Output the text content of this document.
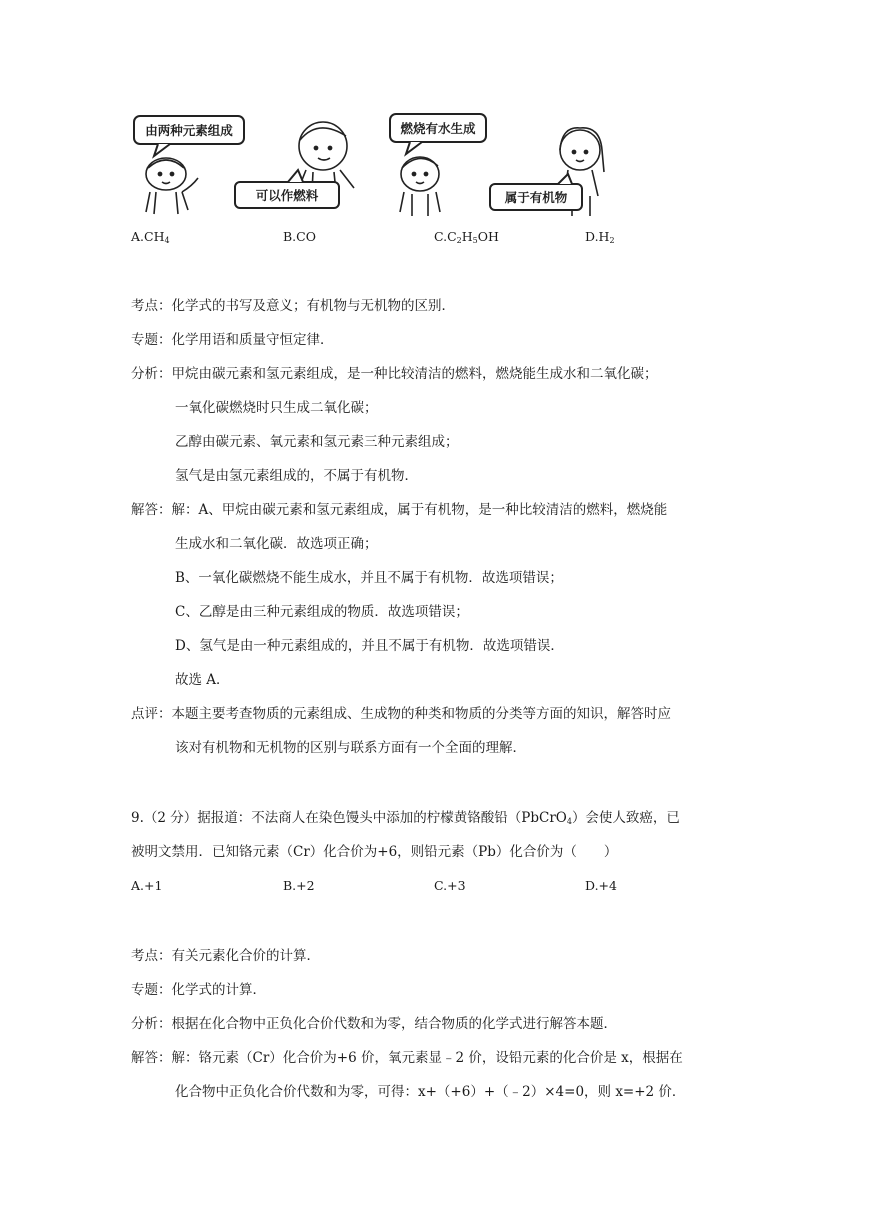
由两种元素组成
可以作燃料
燃烧有水生成
属于有机物
$A.CH_4$	B.CO	$C.C_2H_5OH$	$D.H_2$
考点：化学式的书写及意义；有机物与无机物的区别．
专题：化学用语和质量守恒定律．
分析：甲烷由碳元素和氢元素组成，是一种比较清洁的燃料，燃烧能生成水和二氧化碳；
一氧化碳燃烧时只生成二氧化碳；
乙醇由碳元素、氧元素和氢元素三种元素组成；
氢气是由氢元素组成的，不属于有机物．
解答：解：A、甲烷由碳元素和氢元素组成，属于有机物，是一种比较清洁的燃料，燃烧能
生成水和二氧化碳．故选项正确；
B、一氧化碳燃烧不能生成水，并且不属于有机物．故选项错误；
C、乙醇是由三种元素组成的物质．故选项错误；
D、氢气是由一种元素组成的，并且不属于有机物．故选项错误．
故选 A．
点评：本题主要考查物质的元素组成、生成物的种类和物质的分类等方面的知识，解答时应
该对有机物和无机物的区别与联系方面有一个全面的理解．
9.（2 分）据报道：不法商人在染色馒头中添加的柠檬黄铬酸铅（PbCrO$_4$）会使人致癌，已
被明文禁用．已知铬元素（Cr）化合价为+6，则铅元素（Pb）化合价为（　　）
A.+1	B.+2	C.+3	D.+4
考点：有关元素化合价的计算．
专题：化学式的计算．
分析：根据在化合物中正负化合价代数和为零，结合物质的化学式进行解答本题．
解答：解：铬元素（Cr）化合价为+6 价，氧元素显﹣2 价，设铅元素的化合价是 x，根据在
化合物中正负化合价代数和为零，可得：x+（+6）+（﹣2）×4=0，则 x=+2 价．
